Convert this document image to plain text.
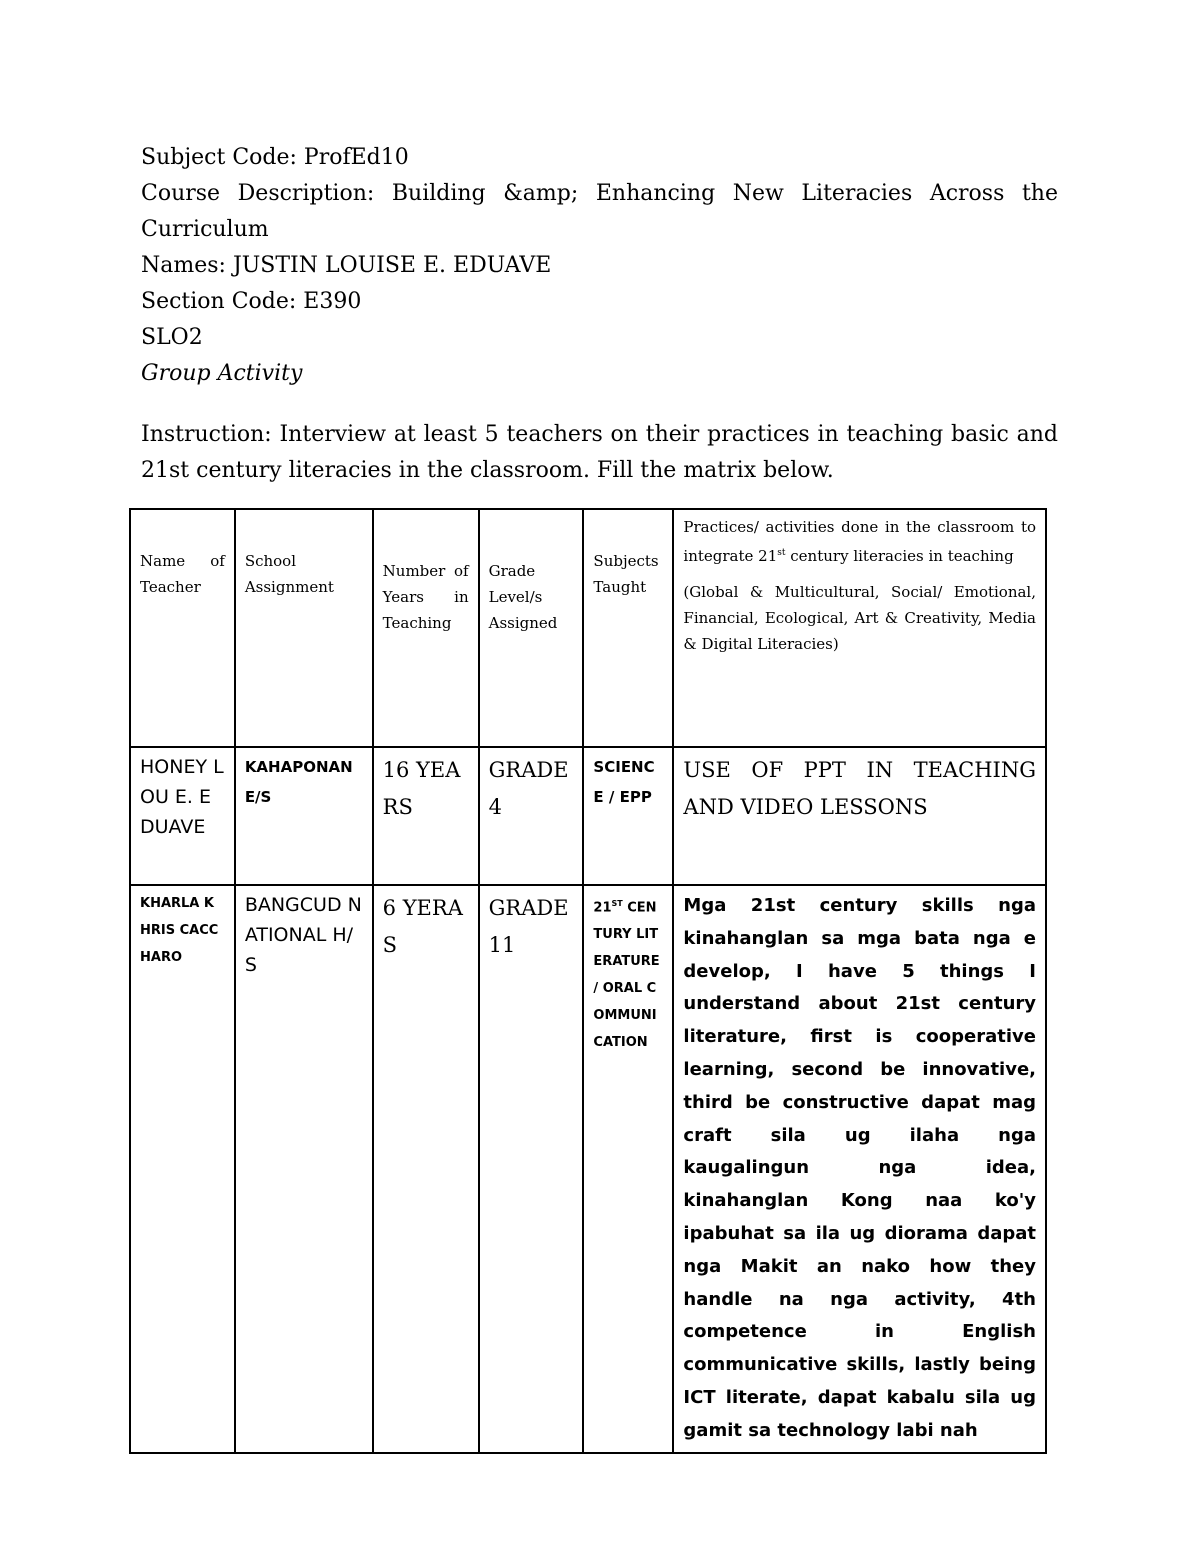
Subject Code: ProfEd10

Course Description: Building &amp; Enhancing New Literacies Across the Curriculum

Names: JUSTIN LOUISE E. EDUAVE

Section Code: E390

SLO2

Group Activity

Instruction: Interview at least 5 teachers on their practices in teaching basic and 21st century literacies in the classroom. Fill the matrix below.

Name of Teacher	School Assignment	Number of Years in Teaching	Grade Level/s Assigned	Subjects Taught	Practices/ activities done in the classroom to integrate 21st century literacies in teaching

(Global & Multicultural, Social/ Emotional, Financial, Ecological, Art & Creativity, Media & Digital Literacies)

HONEY LOU E. EDUAVE	KAHAPONAN E/S	16 YEARS	GRADE 4	SCIENCE / EPP	USE OF PPT IN TEACHING AND VIDEO LESSONS

KHARLA KHRIS CACCHARO	BANGCUD NATIONAL H/S	6 YERAS	GRADE 11	21ST CENTURY LITERATURE / ORAL COMMUNICATION	Mga 21st century skills nga kinahanglan sa mga bata nga e develop, I have 5 things I understand about 21st century literature, first is cooperative learning, second be innovative, third be constructive dapat mag craft sila ug ilaha nga kaugalingun nga idea, kinahanglan Kong naa ko'y ipabuhat sa ila ug diorama dapat nga Makit an nako how they handle na nga activity, 4th competence in English communicative skills, lastly being ICT literate, dapat kabalu sila ug gamit sa technology labi nah
